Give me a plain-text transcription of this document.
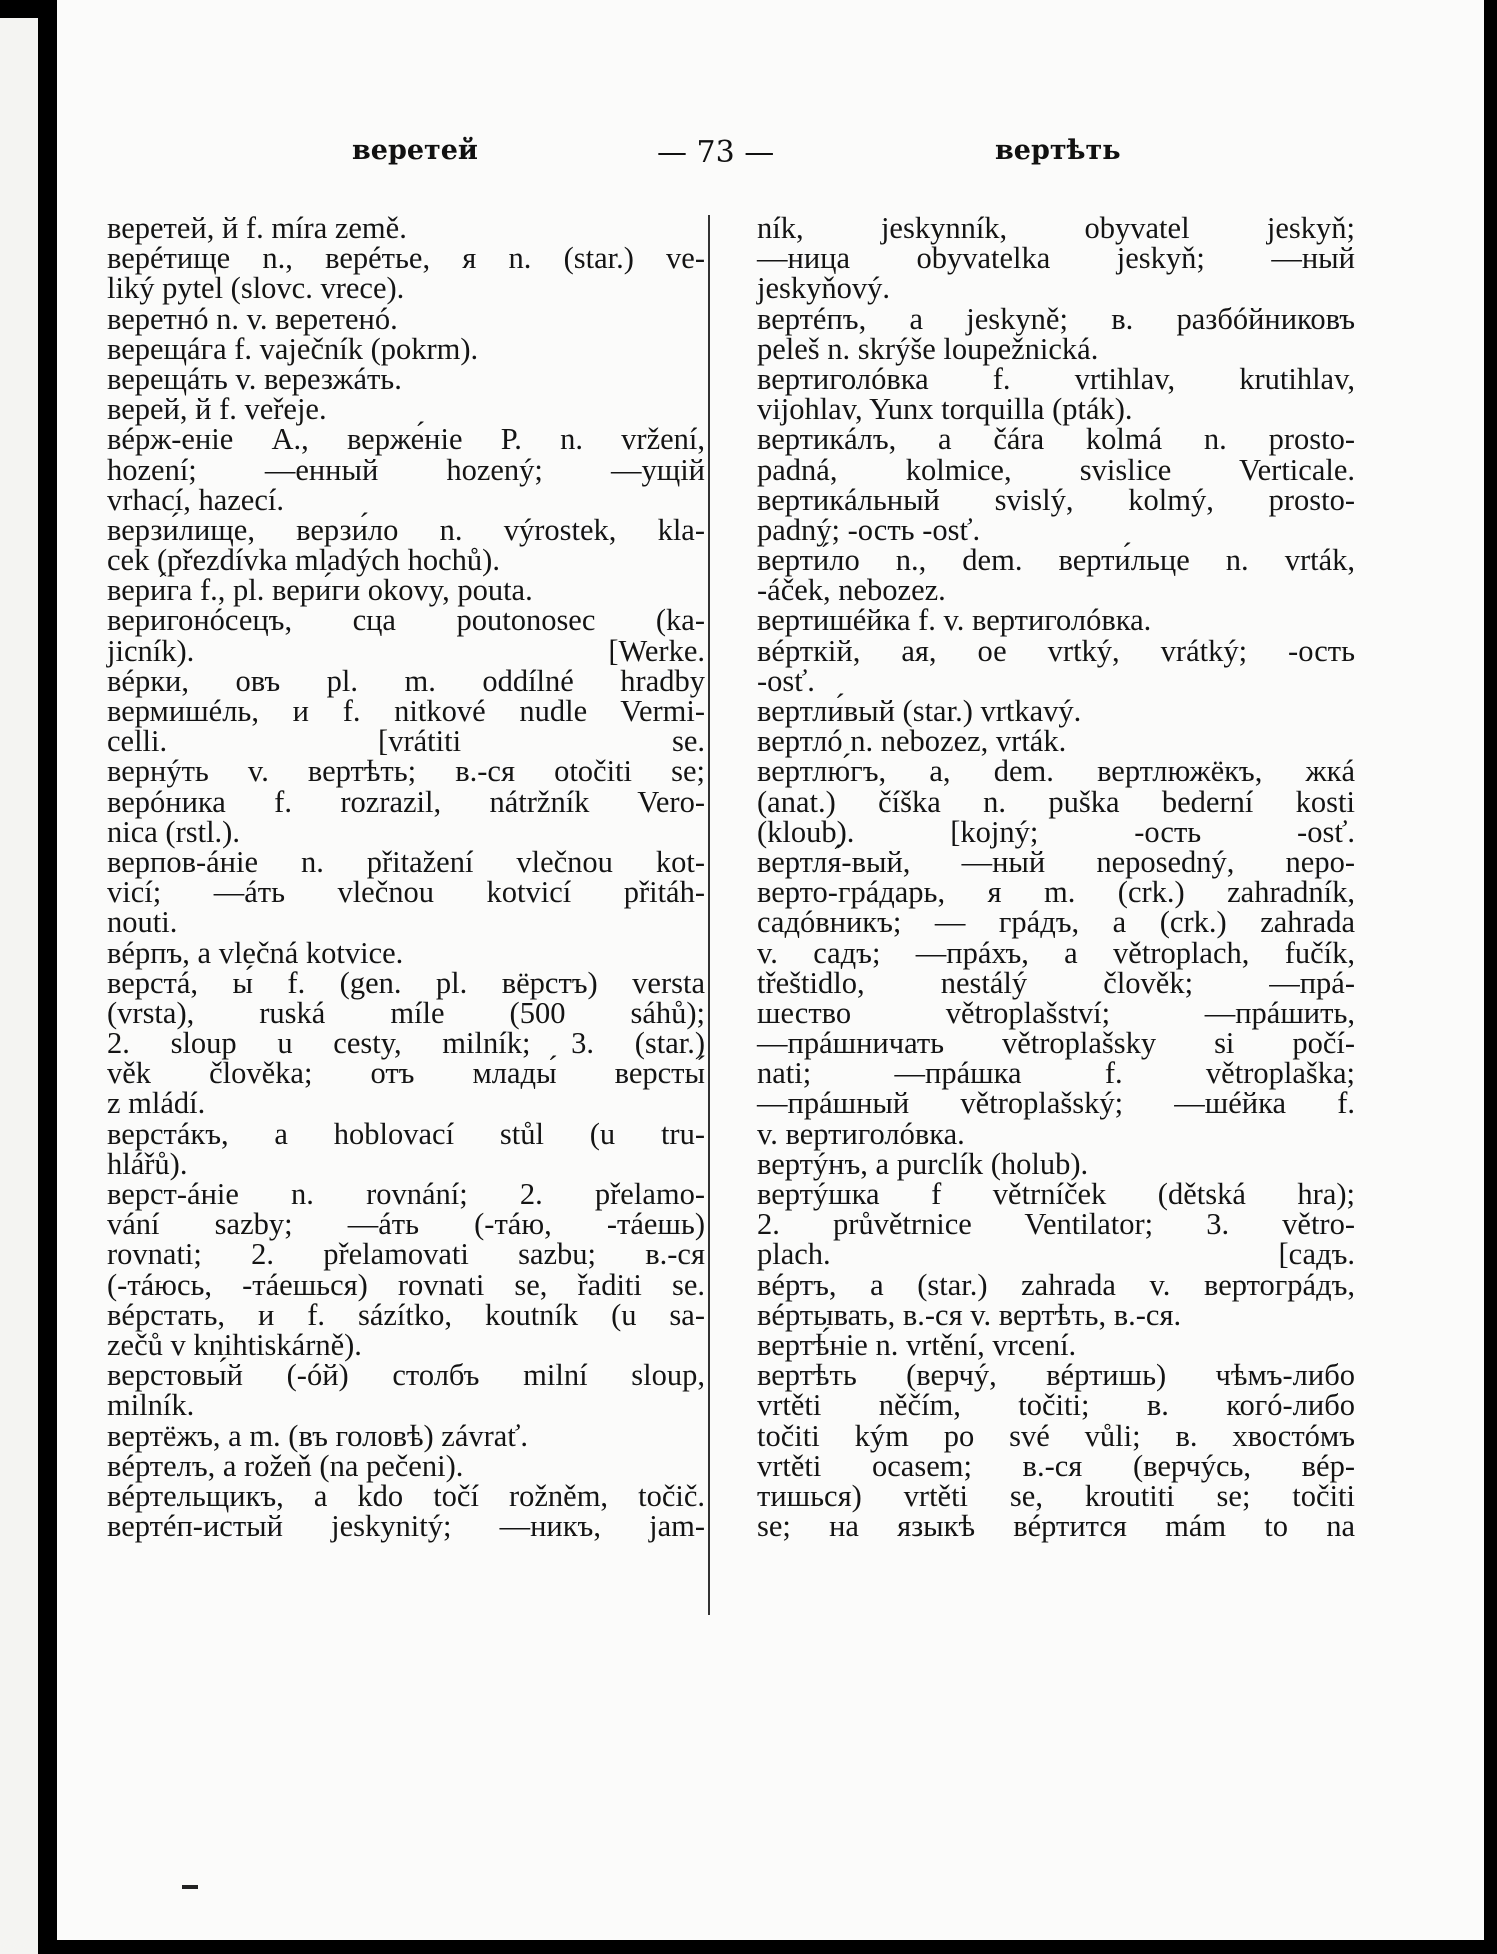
веретей	— 73 —	вертѣть
веретей, й f. míra země.
верéтище n., верéтье, я n. (star.) ve-
liký pytel (slovc. vrece).
веретнó n. v. веретенó.
верещáга f. vaječník (pokrm).
верещáть v. верезжáть.
верей, й f. veřeje.
вéрж-еніе A., верже́ніе P. n. vržení,
hození; —енный hozený; —ущій
vrhací, hazecí.
верзи́лище, верзи́ло n. výrostek, kla-
cek (přezdívka mladých hochů).
вери́га f., pl. вери́ги okovy, pouta.
веригонóсецъ, сца poutonosec (ka-
jicník). [Werke.
вéрки, овъ pl. m. oddílné hradby
вермишéль, и f. nitkové nudle Vermi-
celli. [vrátiti se.
вернýть v. вертѣть; в.-ся otočiti se;
верóника f. rozrazil, nátržník Vero-
nica (rstl.).
верпов-áніе n. přitažení vlečnou kot-
vicí; —áть vlečnou kotvicí přitáh-
nouti.
вéрпъ, а vlečná kotvice.
верстá, ы́ f. (gen. pl. вёрстъ) versta
(vrsta), ruská míle (500 sáhů);
2. sloup u cesty, milník; 3. (star.)
věk člověka; отъ млады́ версты́
z mládí.
верстáкъ, а hoblovací stůl (u tru-
hlářů).
верст-áніе n. rovnání; 2. přelamo-
vání sazby; —áть (-тáю, -тáешь)
rovnati; 2. přelamovati sazbu; в.-ся
(-тáюсь, -тáешься) rovnati se, řaditi se.
вéрстать, и f. sázítko, koutník (u sa-
zečů v knihtiskárně).
верстовы́й (-óй) столбъ milní sloup,
milník.
вертёжъ, а m. (въ головѣ) závrať.
вéртелъ, а rožeň (na pečeni).
вéртельщикъ, а kdo točí rožněm, točič.
вертéп-истый jeskynitý; —никъ, jam-
ník, jeskynník, obyvatel jeskyň;
—ница obyvatelka jeskyň; —ный
jeskyňový.
вертéпъ, а jeskyně; в. разбóйниковъ
peleš n. skrýše loupežnická.
вертиголóвка f. vrtihlav, krutihlav,
vijohlav, Yunx torquilla (pták).
вертикáлъ, а čára kolmá n. prosto-
padná, kolmice, svislice Verticale.
вертикáльный svislý, kolmý, prosto-
padný; -ость -osť.
верти́ло n., dem. верти́льце n. vrták,
-áček, nebozez.
вертишéйка f. v. вертиголóвка.
вéрткій, ая, ое vrtký, vrátký; -ость
-osť.
вертли́вый (star.) vrtkavý.
вертлó n. nebozez, vrták.
вертлю́гъ, а, dem. вертлюжёкъ, жкá
(anat.) číška n. puška bederní kosti
(kloub). [kojný; -ость -osť.
вертля́-вый, —ный neposedný, nepo-
верто-грáдарь, я m. (crk.) zahradník,
садóвникъ; — грáдъ, а (crk.) zahrada
v. садъ; —прáхъ, а větroplach, fučík,
třeštidlo, nestálý člověk; —прá-
шество větroplašství; —прáшить,
—прáшничать větroplašsky si počí-
nati; —прáшка f. větroplaška;
—прáшный větroplašský; —шéйка f.
v. вертиголóвка.
вертýнъ, а purclík (holub).
вертýшка f větrníček (dětská hra);
2. průvětrnice Ventilator; 3. větro-
plach. [садъ.
вéртъ, а (star.) zahrada v. вертогрáдъ,
вéртывать, в.-ся v. вертѣть, в.-ся.
вертѣ́ніе n. vrtění, vrcení.
вертѣть (верчý, вéртишь) чѣмъ-либо
vrtěti něčím, točiti; в. когó-либо
točiti kým po své vůli; в. хвостóмъ
vrtěti ocasem; в.-ся (верчýсь, вéр-
тишься) vrtěti se, kroutiti se; točiti
se; на языкѣ вéртится mám to na
